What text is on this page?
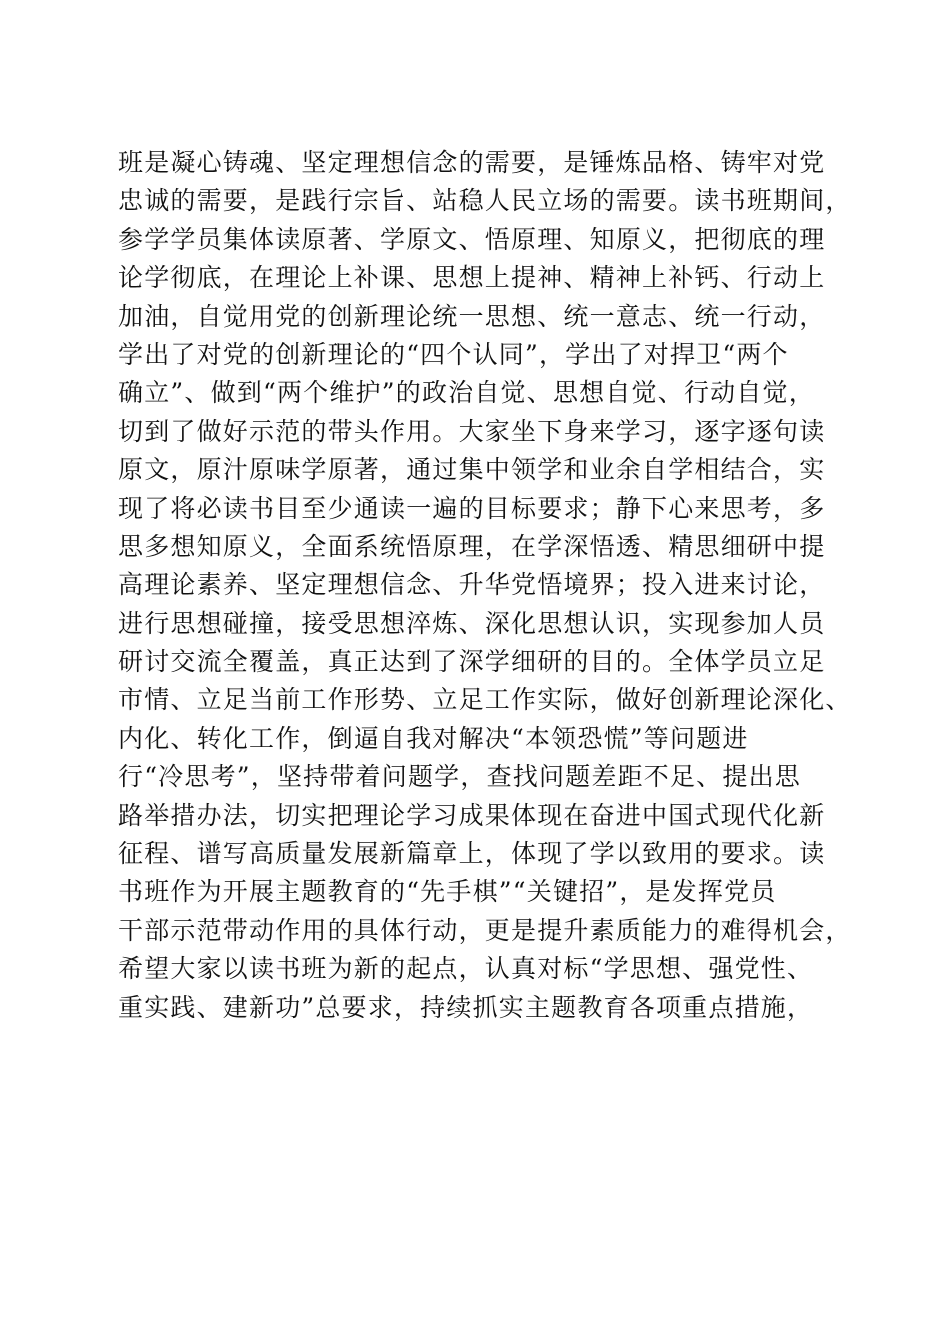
班是凝心铸魂、坚定理想信念的需要，是锤炼品格、铸牢对党
忠诚的需要，是践行宗旨、站稳人民立场的需要。读书班期间，
参学学员集体读原著、学原文、悟原理、知原义，把彻底的理
论学彻底，在理论上补课、思想上提神、精神上补钙、行动上
加油，自觉用党的创新理论统一思想、统一意志、统一行动，
学出了对党的创新理论的“四个认同”，学出了对捍卫“两个
确立”、做到“两个维护”的政治自觉、思想自觉、行动自觉，
切到了做好示范的带头作用。大家坐下身来学习，逐字逐句读
原文，原汁原味学原著，通过集中领学和业余自学相结合，实
现了将必读书目至少通读一遍的目标要求；静下心来思考，多
思多想知原义，全面系统悟原理，在学深悟透、精思细研中提
高理论素养、坚定理想信念、升华党悟境界；投入进来讨论，
进行思想碰撞，接受思想淬炼、深化思想认识，实现参加人员
研讨交流全覆盖，真正达到了深学细研的目的。全体学员立足
市情、立足当前工作形势、立足工作实际，做好创新理论深化、
内化、转化工作，倒逼自我对解决“本领恐慌”等问题进
行“冷思考”，坚持带着问题学，查找问题差距不足、提出思
路举措办法，切实把理论学习成果体现在奋进中国式现代化新
征程、谱写高质量发展新篇章上，体现了学以致用的要求。读
书班作为开展主题教育的“先手棋”“关键招”，是发挥党员
干部示范带动作用的具体行动，更是提升素质能力的难得机会，
希望大家以读书班为新的起点，认真对标“学思想、强党性、
重实践、建新功”总要求，持续抓实主题教育各项重点措施，
